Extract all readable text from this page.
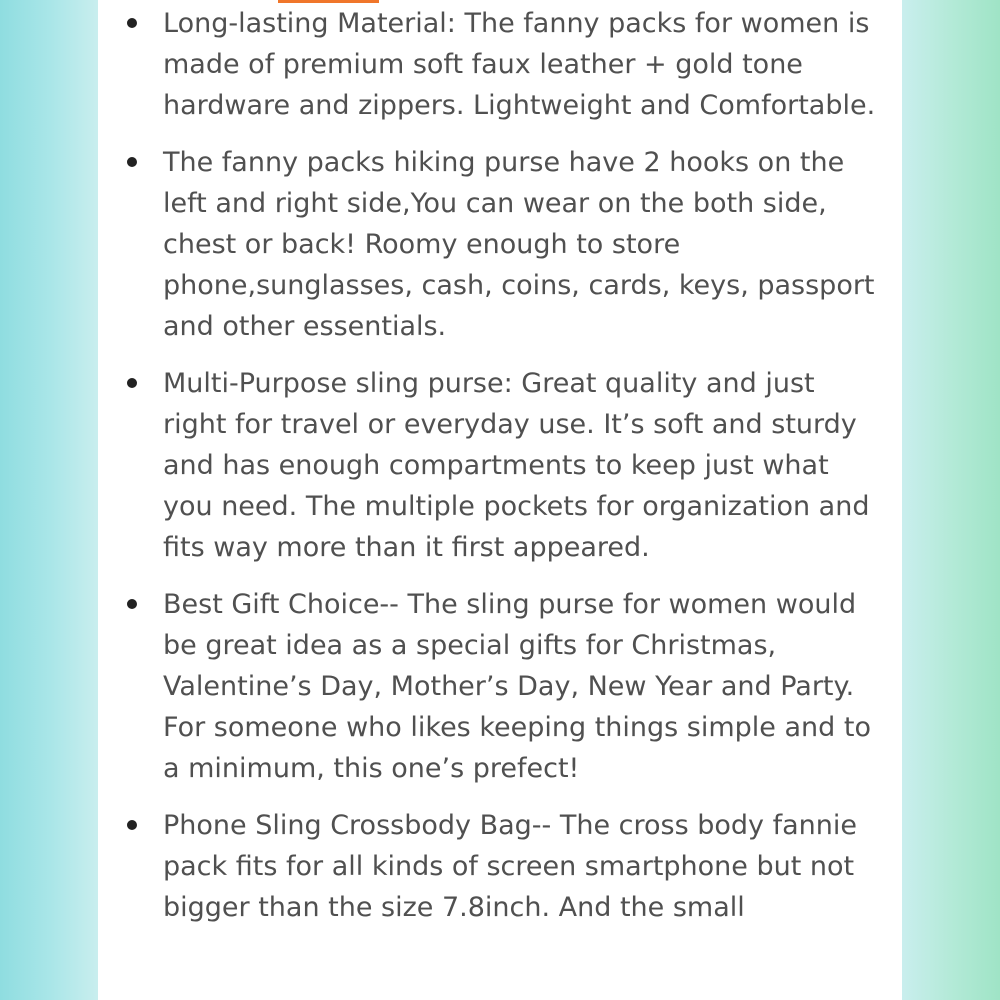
Long-lasting Material: The fanny packs for women is made of premium soft faux leather + gold tone hardware and zippers. Lightweight and Comfortable.
The fanny packs hiking purse have 2 hooks on the left and right side,You can wear on the both side, chest or back! Roomy enough to store phone,sunglasses, cash, coins, cards, keys, passport and other essentials.
Multi-Purpose sling purse: Great quality and just right for travel or everyday use. It’s soft and sturdy and has enough compartments to keep just what you need. The multiple pockets for organization and fits way more than it first appeared.
Best Gift Choice-- The sling purse for women would be great idea as a special gifts for Christmas, Valentine’s Day, Mother’s Day, New Year and Party. For someone who likes keeping things simple and to a minimum, this one’s prefect!
Phone Sling Crossbody Bag-- The cross body fannie pack fits for all kinds of screen smartphone but not bigger than the size 7.8inch. And the small
